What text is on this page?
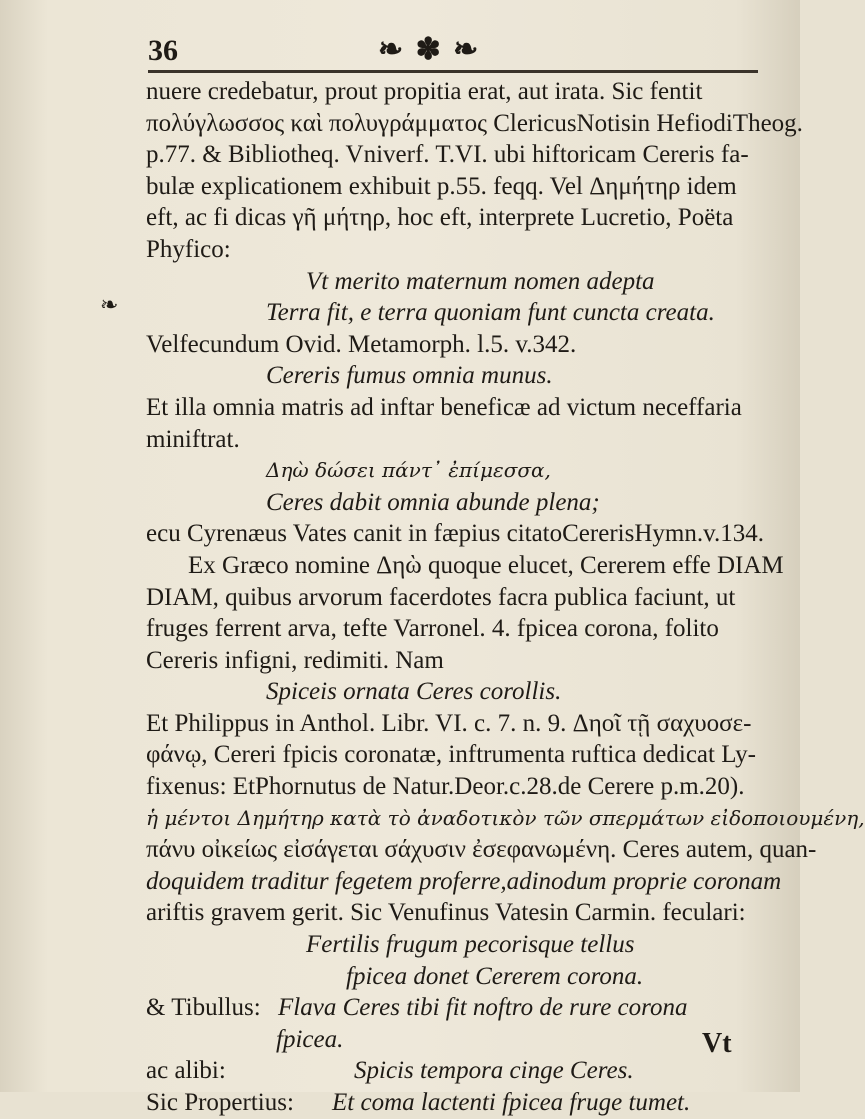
36	❧ ✽ ❧
❧
nuere credebatur, prout propitia erat, aut irata. Sic fentit
πολύγλωσσος καὶ πολυγράμματος ClericusNotisin HefiodiTheog.
p.77. & Bibliotheq. Vniverf. T.VI. ubi hiftoricam Cereris fa-
bulæ explicationem exhibuit p.55. feqq. Vel Δημήτηρ idem
eft, ac fi dicas γῆ μήτηρ, hoc eft, interprete Lucretio, Poëta
Phyfico:
Vt merito maternum nomen adepta
Terra fit, e terra quoniam funt cuncta creata.
Velfecundum Ovid. Metamorph. l.5. v.342.
Cereris fumus omnia munus.
Et illa omnia matris ad inftar beneficæ ad victum neceffaria
miniftrat.
Δηὼ δώσει πάντ᾽ ἐπίμεσσα,
Ceres dabit omnia abunde plena;
ecu Cyrenæus Vates canit in fæpius citatoCererisHymn.v.134.
Ex Græco nomine Δηὼ quoque elucet, Cererem effe DIAM
DIAM, quibus arvorum facerdotes facra publica faciunt, ut
fruges ferrent arva, tefte Varronel. 4. fpicea corona, folito
Cereris infigni, redimiti. Nam
Spiceis ornata Ceres corollis.
Et Philippus in Anthol. Libr. VI. c. 7. n. 9. Δηοῖ τῇ σαχυοσε-
φάνῳ, Cereri fpicis coronatæ, inftrumenta ruftica dedicat Ly-
fixenus: EtPhornutus de Natur.Deor.c.28.de Cerere p.m.20).
ἡ μέντοι Δημήτηρ κατὰ τὸ ἀναδοτικὸν τῶν σπερμάτων εἰδοποιουμένη,
πάνυ οἰκείως εἰσάγεται σάχυσιν ἐσεφανωμένη. Ceres autem, quan-
doquidem traditur fegetem proferre,adinodum proprie coronam
ariftis gravem gerit. Sic Venufinus Vatesin Carmin. feculari:
Fertilis frugum pecorisque tellus
fpicea donet Cererem corona.
& Tibullus: Flava Ceres tibi fit noftro de rure corona
fpicea.
ac alibi:	Spicis tempora cinge Ceres.
Sic Propertius: Et coma lactenti fpicea fruge tumet.
Vt
